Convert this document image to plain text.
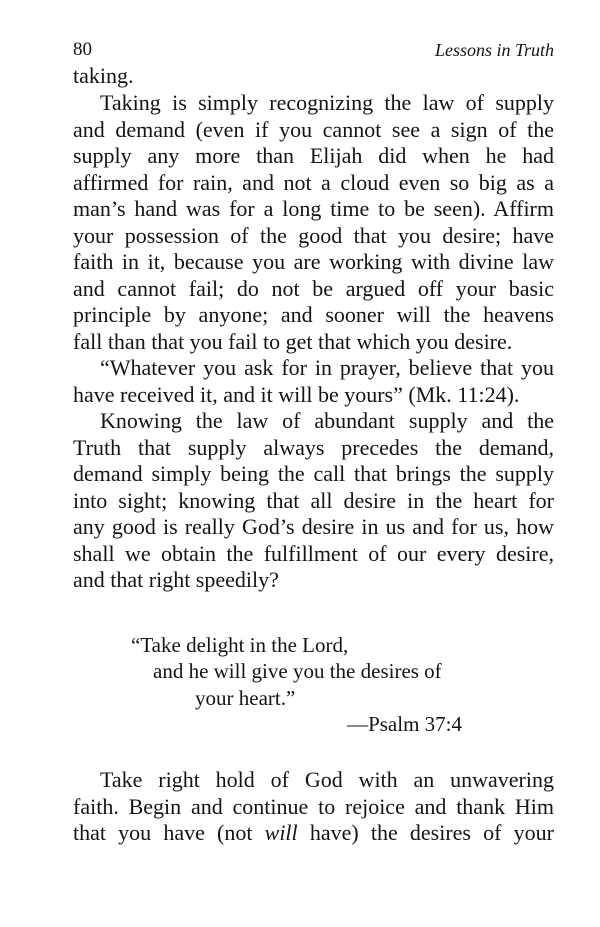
80	Lessons in Truth
taking.
Taking is simply recognizing the law of supply
and demand (even if you cannot see a sign of the
supply any more than Elijah did when he had
affirmed for rain, and not a cloud even so big as a
man’s hand was for a long time to be seen). Affirm
your possession of the good that you desire; have
faith in it, because you are working with divine law
and cannot fail; do not be argued off your basic
principle by anyone; and sooner will the heavens
fall than that you fail to get that which you desire.
“Whatever you ask for in prayer, believe that you
have received it, and it will be yours” (Mk. 11:24).
Knowing the law of abundant supply and the
Truth that supply always precedes the demand,
demand simply being the call that brings the supply
into sight; knowing that all desire in the heart for
any good is really God’s desire in us and for us, how
shall we obtain the fulfillment of our every desire,
and that right speedily?
“Take delight in the Lord,
and he will give you the desires of
your heart.”
—Psalm 37:4
Take right hold of God with an unwavering
faith. Begin and continue to rejoice and thank Him
that you have (not will have) the desires of your
